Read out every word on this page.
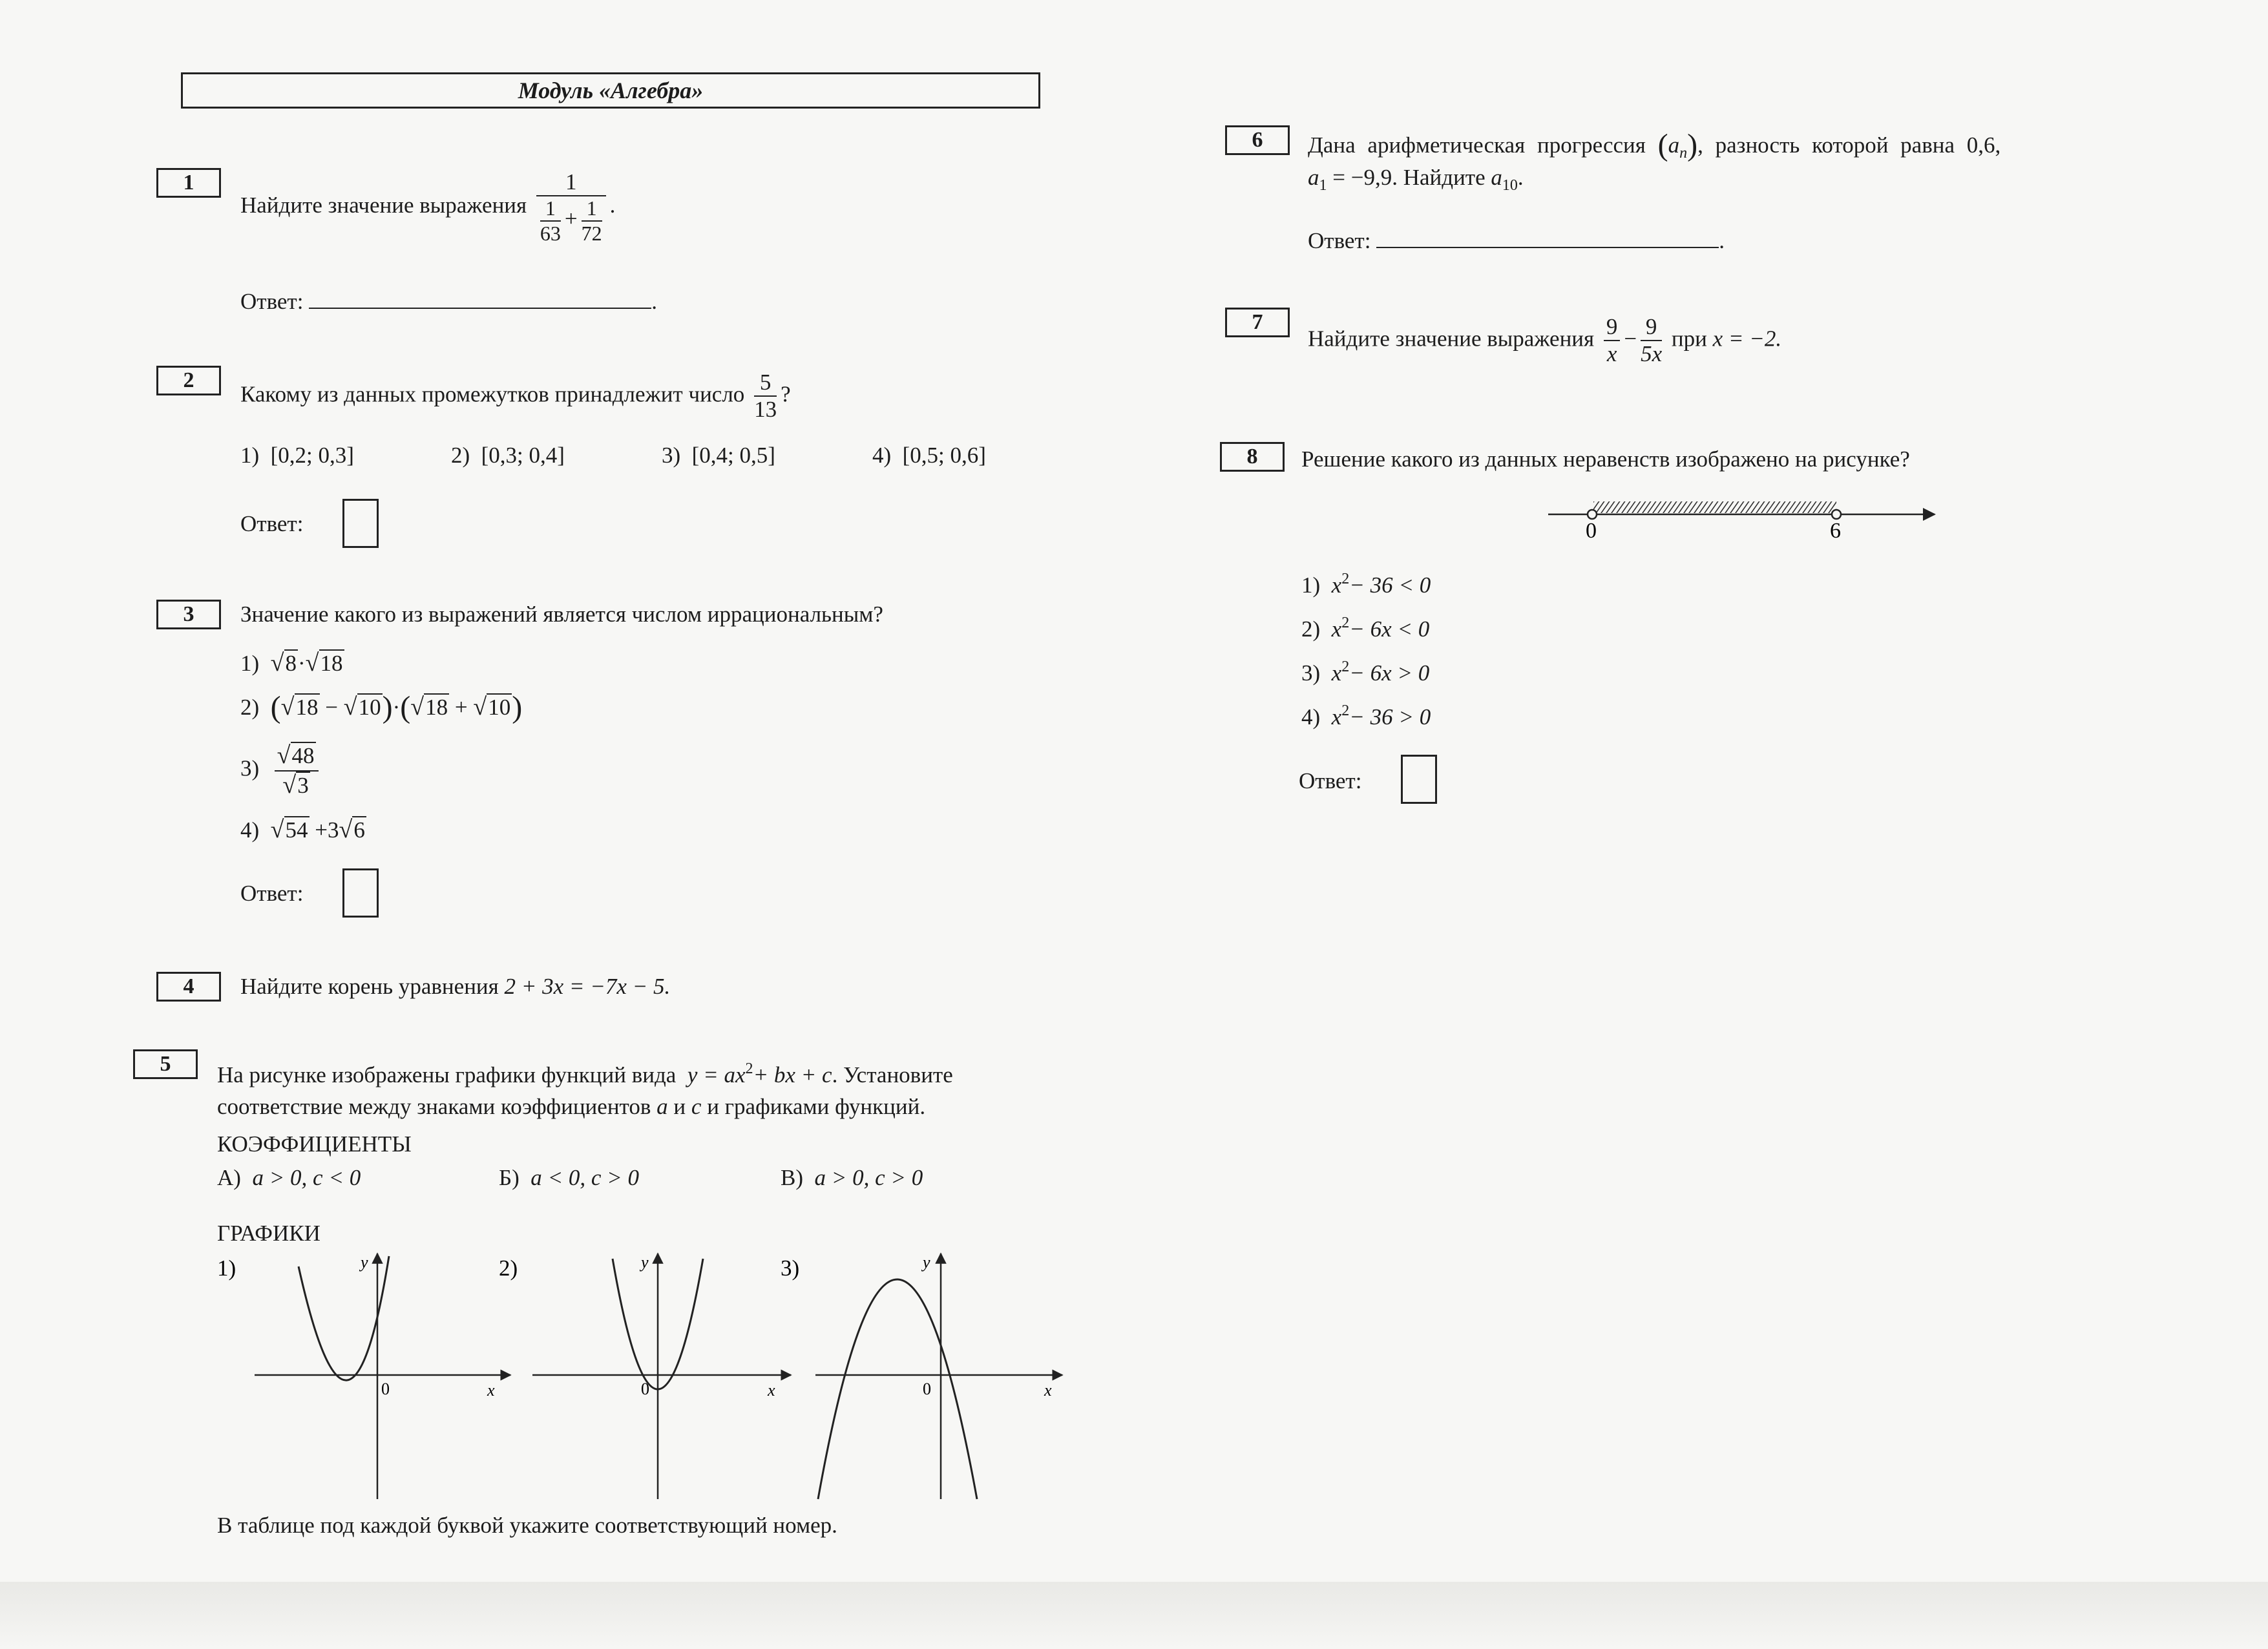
Модуль «Алгебра»
1
Найдите значение выражения $\frac{1}{\frac{1}{63} + \frac{1}{72}}$ .
Ответ:	.
2
Какому из данных промежутков принадлежит число $\frac{5}{13}$ ?
1) [0,2; 0,3]	2) [0,3; 0,4]	3) [0,4; 0,5]	4) [0,5; 0,6]
Ответ:
3	Значение какого из выражений является числом иррациональным?
1) √8·√18
2) (√18 − √10)·(√18 + √10)
$3) \frac{√48}{√3}$
4) √54 +3√6
Ответ:
4	Найдите корень уравнения 2 + 3x = −7x − 5.
5	На рисунке изображены графики функций вида $y = ax^2+$ bx + c. Установите
соответствие между знаками коэффициентов a и c и графиками функций.
КОЭФФИЦИЕНТЫ
А) a > 0, c < 0	Б) a < 0, c > 0	В) a > 0, c > 0
ГРАФИКИ
1)
0	x
y	2)
0	x
y	3)
0	x
y
В таблице под каждой буквой укажите соответствующий номер.
6	Дана арифметическая прогрессия $(a_n)$, разность которой равна 0,6,
$a_1 = -9,9$. Найдите $a_{10}$.
Ответ:	.
7
Найдите значение выражения $\frac{9}{x} - \frac{9}{5x}$ при x = −2.
8	Решение какого из данных неравенств изображено на рисунке?
0	6
1) $x^2- 36 < 0$
2) $x^2- 6x < 0$
3) $x^2- 6x > 0$
4) $x^2- 36 > 0$
Ответ:
